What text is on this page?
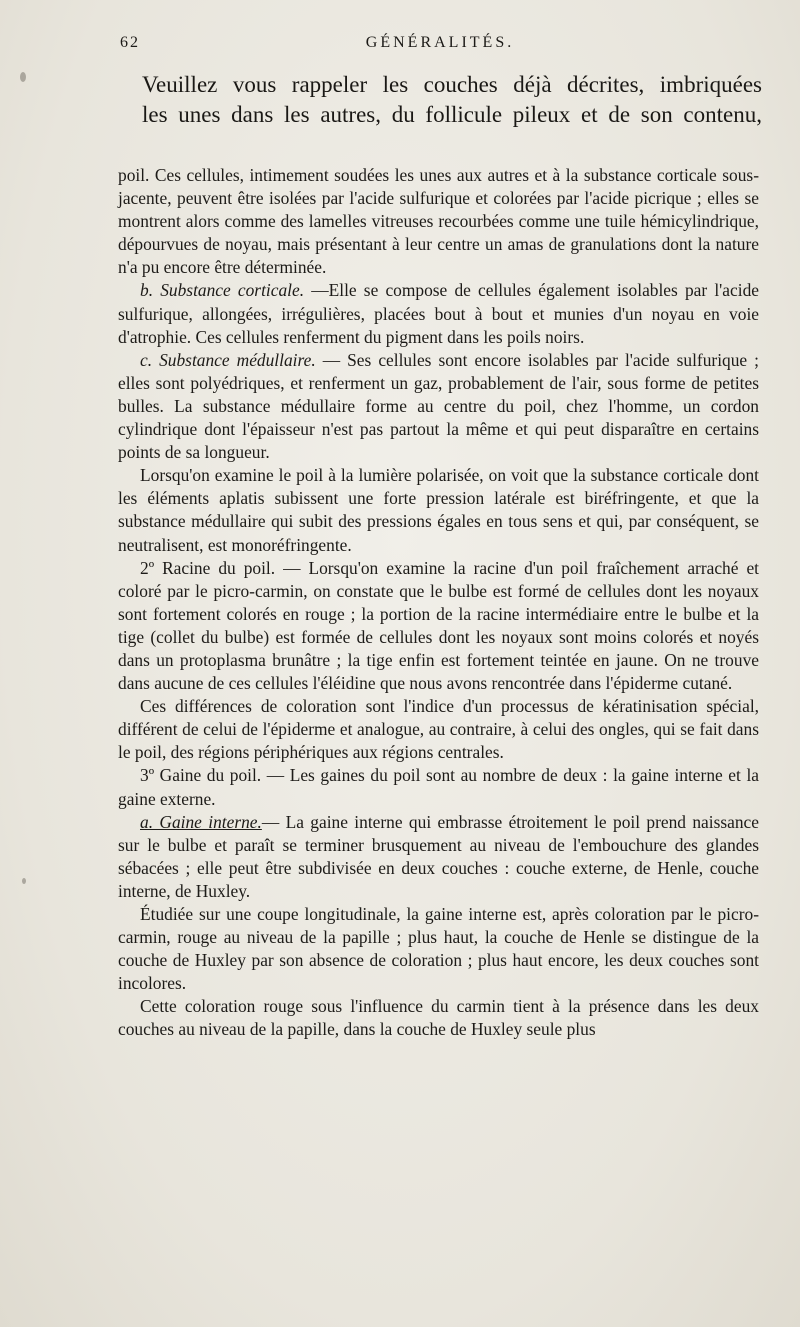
62	GÉNÉRALITÉS.
Veuillez vous rappeler les couches déjà décrites, imbriquées
les unes dans les autres, du follicule pileux et de son contenu,

poil. Ces cellules, intimement soudées les unes aux autres et à la substance corticale sous-jacente, peuvent être isolées par l'acide sulfurique et colorées par l'acide picrique ; elles se montrent alors comme des lamelles vitreuses recourbées comme une tuile hémicylindrique, dépourvues de noyau, mais présentant à leur centre un amas de granulations dont la nature n'a pu encore être déterminée.

b. Substance corticale. —Elle se compose de cellules également isolables par l'acide sulfurique, allongées, irrégulières, placées bout à bout et munies d'un noyau en voie d'atrophie. Ces cellules renferment du pigment dans les poils noirs.

c. Substance médullaire. — Ses cellules sont encore isolables par l'acide sulfurique ; elles sont polyédriques, et renferment un gaz, probablement de l'air, sous forme de petites bulles. La substance médullaire forme au centre du poil, chez l'homme, un cordon cylindrique dont l'épaisseur n'est pas partout la même et qui peut disparaître en certains points de sa longueur.

Lorsqu'on examine le poil à la lumière polarisée, on voit que la substance corticale dont les éléments aplatis subissent une forte pression latérale est biréfringente, et que la substance médullaire qui subit des pressions égales en tous sens et qui, par conséquent, se neutralisent, est monoréfringente.

2º Racine du poil. — Lorsqu'on examine la racine d'un poil fraîchement arraché et coloré par le picro-carmin, on constate que le bulbe est formé de cellules dont les noyaux sont fortement colorés en rouge ; la portion de la racine intermédiaire entre le bulbe et la tige (collet du bulbe) est formée de cellules dont les noyaux sont moins colorés et noyés dans un protoplasma brunâtre ; la tige enfin est fortement teintée en jaune. On ne trouve dans aucune de ces cellules l'éléidine que nous avons rencontrée dans l'épiderme cutané.

Ces différences de coloration sont l'indice d'un processus de kératinisation spécial, différent de celui de l'épiderme et analogue, au contraire, à celui des ongles, qui se fait dans le poil, des régions périphériques aux régions centrales.

3º Gaine du poil. — Les gaines du poil sont au nombre de deux : la gaine interne et la gaine externe.

a. Gaine interne.— La gaine interne qui embrasse étroitement le poil prend naissance sur le bulbe et paraît se terminer brusquement au niveau de l'embouchure des glandes sébacées ; elle peut être subdivisée en deux couches : couche externe, de Henle, couche interne, de Huxley.

Étudiée sur une coupe longitudinale, la gaine interne est, après coloration par le picro-carmin, rouge au niveau de la papille ; plus haut, la couche de Henle se distingue de la couche de Huxley par son absence de coloration ; plus haut encore, les deux couches sont incolores.

Cette coloration rouge sous l'influence du carmin tient à la présence dans les deux couches au niveau de la papille, dans la couche de Huxley seule plus
